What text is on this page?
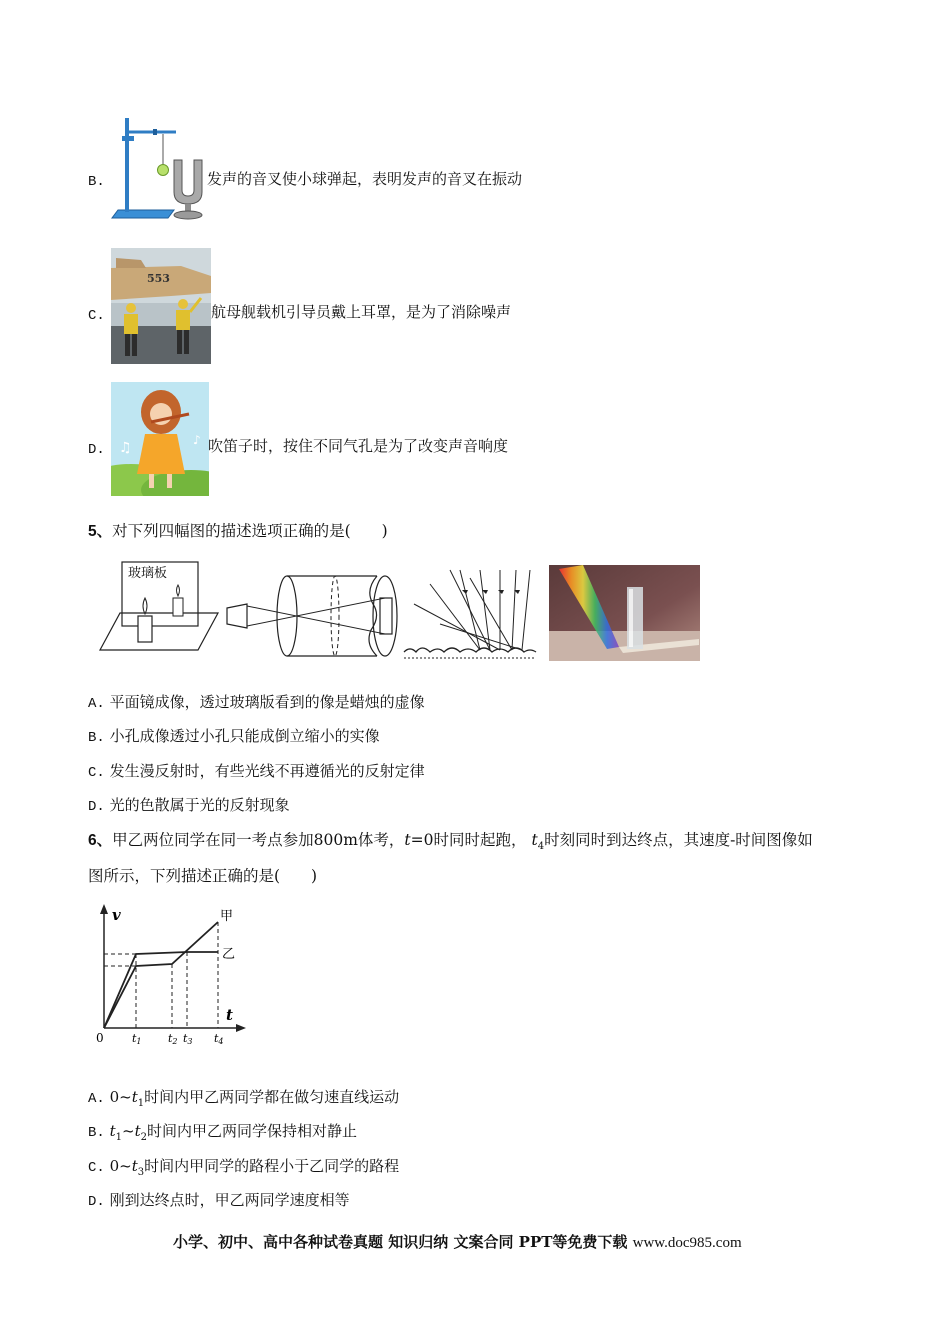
B.	发声的音叉使小球弹起，表明发声的音叉在振动
C.
553
航母舰载机引导员戴上耳罩，是为了消除噪声
D. ♫	♪ 吹笛子时，按住不同气孔是为了改变声音响度
5、对下列四幅图的描述选项正确的是(　　)
玻璃板
A. 平面镜成像，透过玻璃版看到的像是蜡烛的虚像
B. 小孔成像透过小孔只能成倒立缩小的实像
C. 发生漫反射时，有些光线不再遵循光的反射定律
D. 光的色散属于光的反射现象
6、甲乙两位同学在同一考点参加800m体考，t=0时同时起跑， $t_4$时刻同时到达终点，其速度-时间图像如
图所示，下列描述正确的是(　　)
v
t
0
甲
乙
t1 t2 t3 t4
A. $0\sim t_1$时间内甲乙两同学都在做匀速直线运动
B. $t_1\sim t_2$时间内甲乙两同学保持相对静止
C. $0\sim t_3$时间内甲同学的路程小于乙同学的路程
D. 刚到达终点时，甲乙两同学速度相等
小学、初中、高中各种试卷真题 知识归纳 文案合同 PPT等免费下载 www.doc985.com
